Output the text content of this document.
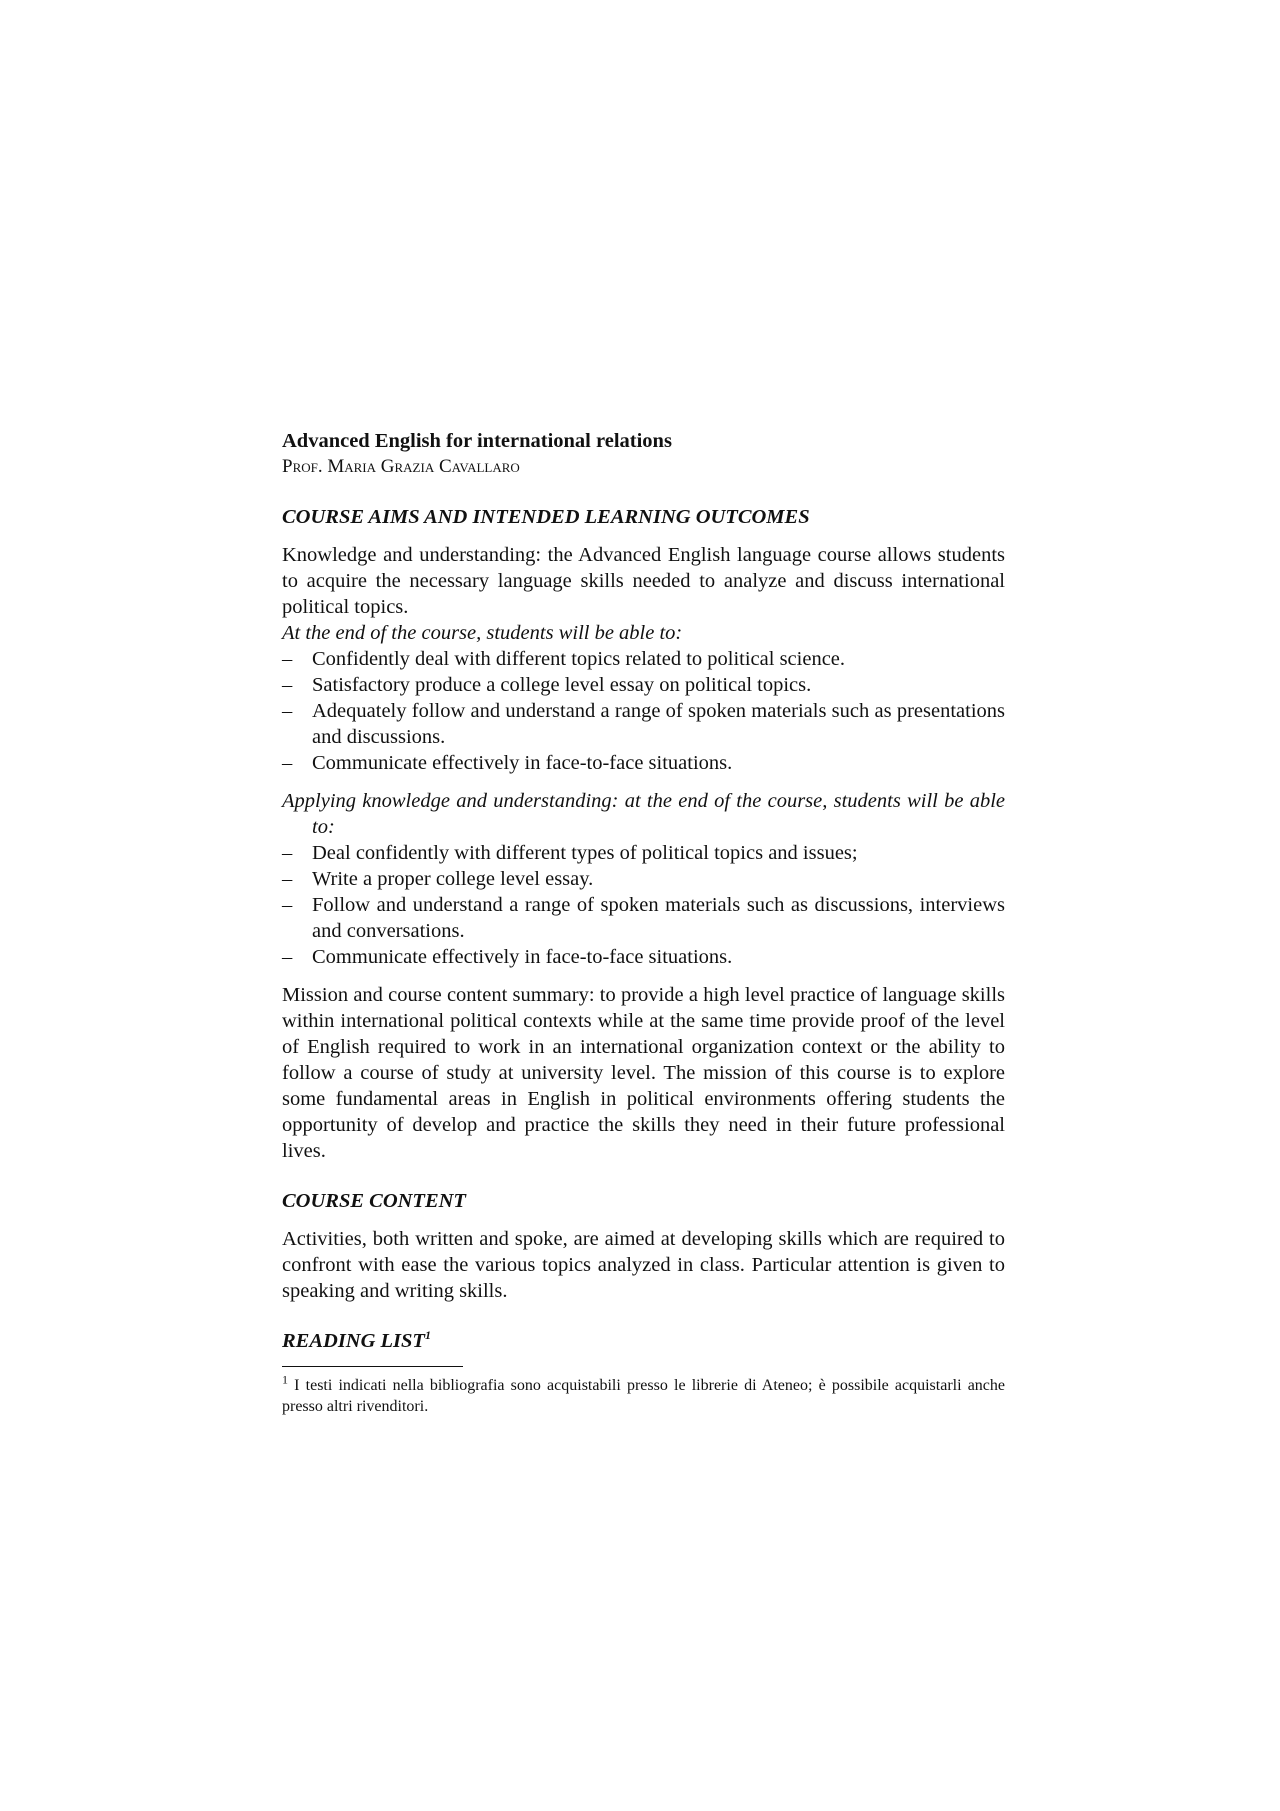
Advanced English for international relations

Prof. Maria Grazia Cavallaro

COURSE AIMS AND INTENDED LEARNING OUTCOMES

Knowledge and understanding: the Advanced English language course allows students to acquire the necessary language skills needed to analyze and discuss international political topics.

At the end of the course, students will be able to:

– Confidently deal with different topics related to political science.
– Satisfactory produce a college level essay on political topics.
– Adequately follow and understand a range of spoken materials such as presentations and discussions.
– Communicate effectively in face-to-face situations.

Applying knowledge and understanding: at the end of the course, students will be able to:

– Deal confidently with different types of political topics and issues;
– Write a proper college level essay.
– Follow and understand a range of spoken materials such as discussions, interviews and conversations.
– Communicate effectively in face-to-face situations.

Mission and course content summary: to provide a high level practice of language skills within international political contexts while at the same time provide proof of the level of English required to work in an international organization context or the ability to follow a course of study at university level. The mission of this course is to explore some fundamental areas in English in political environments offering students the opportunity of develop and practice the skills they need in their future professional lives.

COURSE CONTENT

Activities, both written and spoke, are aimed at developing skills which are required to confront with ease the various topics analyzed in class. Particular attention is given to speaking and writing skills.

READING LIST$^1$

$^1$ I testi indicati nella bibliografia sono acquistabili presso le librerie di Ateneo; è possibile acquistarli anche presso altri rivenditori.
